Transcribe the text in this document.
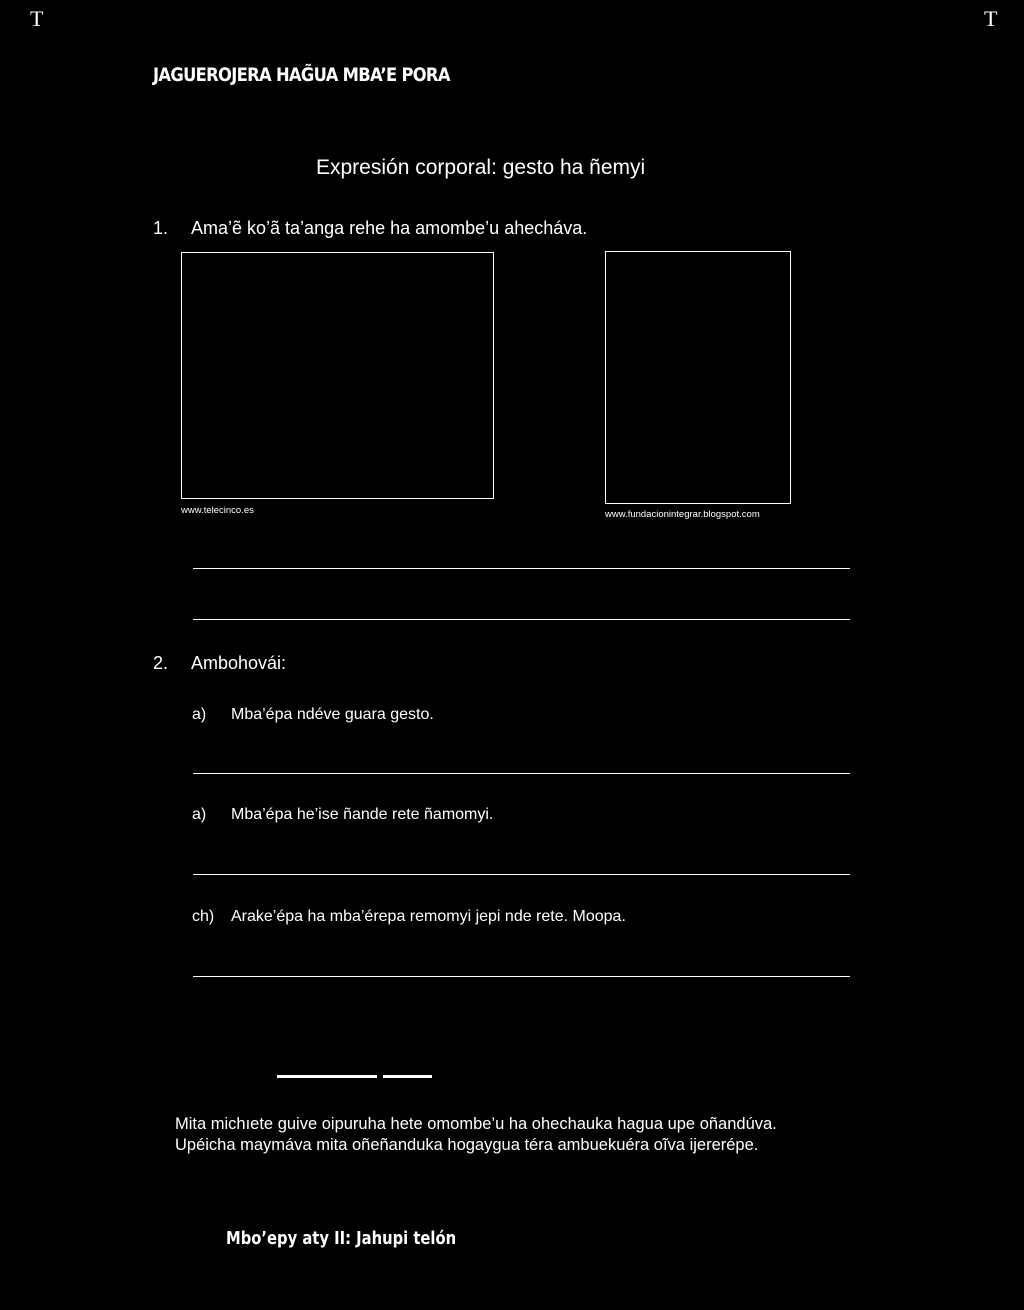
T	T
JAGUEROJERA HAG̃UA MBA’E PORA
Expresión corporal: gesto ha ñemyi
1. Ama’ẽ ko’ã ta’anga rehe ha amombe’u ahecháva.
www.telecinco.es	www.fundacionintegrar.blogspot.com
2. Ambohovái:
a) Mba’épa ndéve guara gesto.
a) Mba’épa he’ise ñande rete ñamomyi.
ch) Arake’épa ha mba’érepa remomyi jepi nde rete. Moopa.
Mita michıete guive oipuruha hete omombe’u ha ohechauka hagua upe oñandúva.
Upéicha maymáva mita oñeñanduka hogaygua téra ambuekuéra oĩva ijererépe.
Mbo’epy aty II: Jahupi telón
